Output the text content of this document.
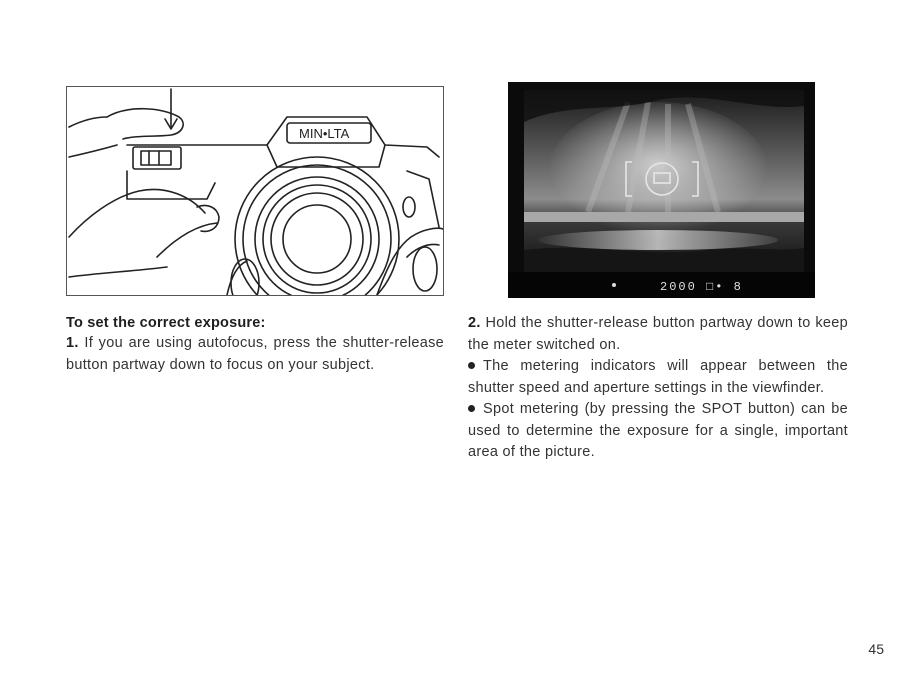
MIN•LTA
2000 □• 8
To set the correct exposure:
1. If you are using autofocus, press the shutter-release button partway down to focus on your subject.
2. Hold the shutter-release button partway down to keep the meter switched on.
The metering indicators will appear between the shutter speed and aperture settings in the viewfinder.
Spot metering (by pressing the SPOT button) can be used to determine the exposure for a single, important area of the picture.
45
